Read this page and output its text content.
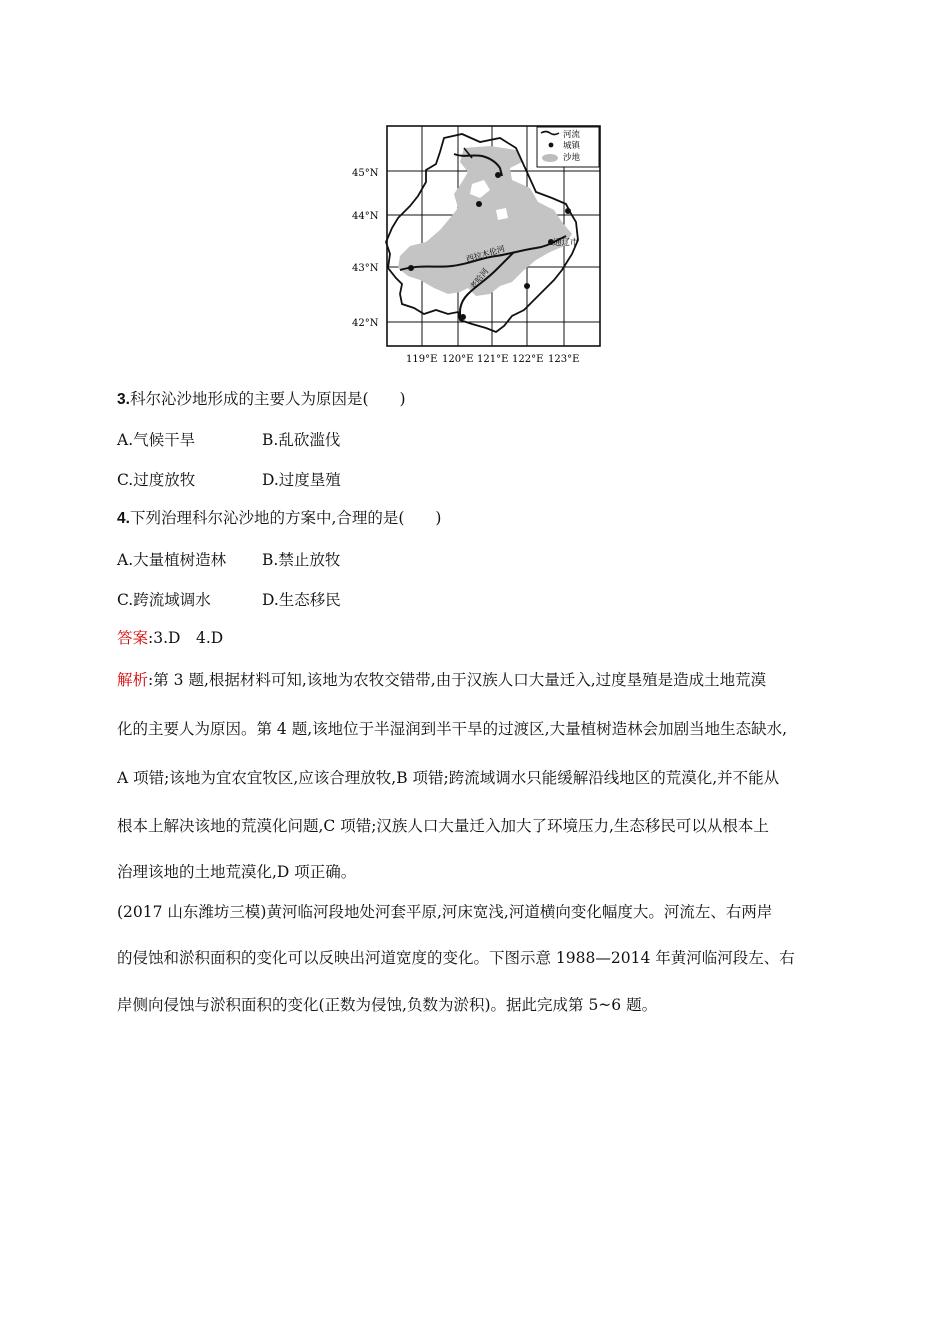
河流
城镇
沙地
西拉木伦河
老哈河
通辽市
45°N
44°N
43°N
42°N
119°E 120°E 121°E 122°E 123°E
3.科尔沁沙地形成的主要人为原因是(　　)
A.气候干旱	B.乱砍滥伐
C.过度放牧	D.过度垦殖
4.下列治理科尔沁沙地的方案中,合理的是(　　)
A.大量植树造林 B.禁止放牧
C.跨流域调水	D.生态移民
答案:3.D　4.D
解析:第 3 题,根据材料可知,该地为农牧交错带,由于汉族人口大量迁入,过度垦殖是造成土地荒漠
化的主要人为原因。第 4 题,该地位于半湿润到半干旱的过渡区,大量植树造林会加剧当地生态缺水,
A 项错;该地为宜农宜牧区,应该合理放牧,B 项错;跨流域调水只能缓解沿线地区的荒漠化,并不能从
根本上解决该地的荒漠化问题,C 项错;汉族人口大量迁入加大了环境压力,生态移民可以从根本上
治理该地的土地荒漠化,D 项正确。
(2017 山东潍坊三模)黄河临河段地处河套平原,河床宽浅,河道横向变化幅度大。河流左、右两岸
的侵蚀和淤积面积的变化可以反映出河道宽度的变化。下图示意 1988—2014 年黄河临河段左、右
岸侧向侵蚀与淤积面积的变化(正数为侵蚀,负数为淤积)。据此完成第 5~6 题。
